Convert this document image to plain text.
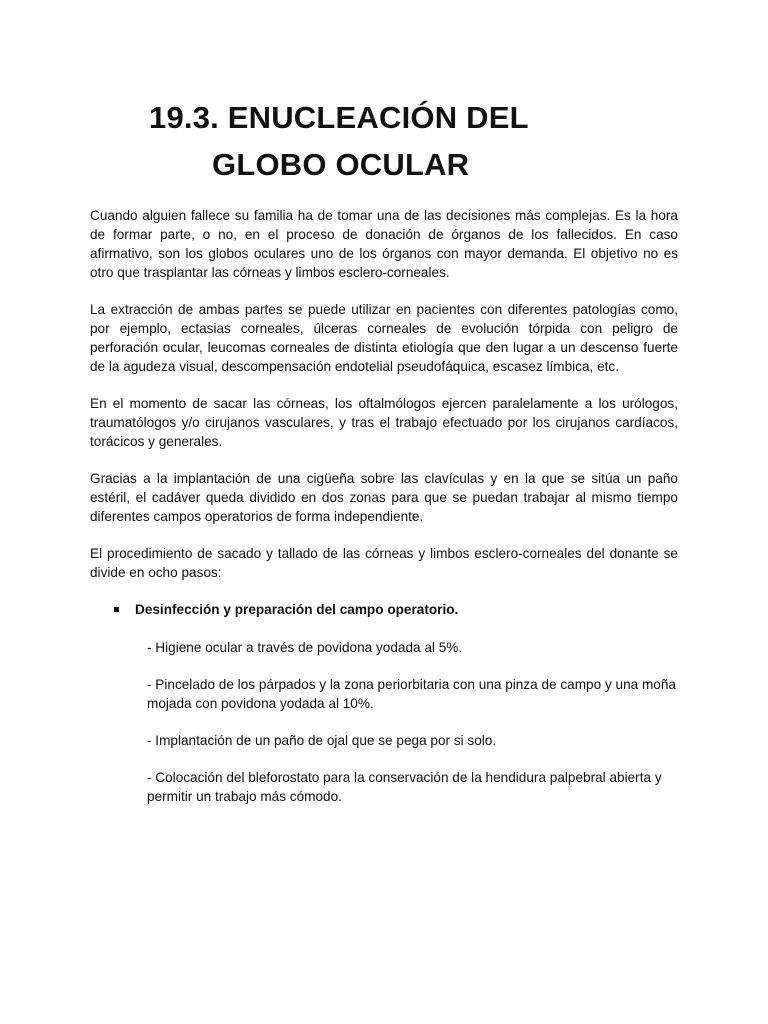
19.3. ENUCLEACIÓN DEL
GLOBO OCULAR

Cuando alguien fallece su familia ha de tomar una de las decisiones más complejas. Es la hora de formar parte, o no, en el proceso de donación de órganos de los fallecidos. En caso afirmativo, son los globos oculares uno de los órganos con mayor demanda. El objetivo no es otro que trasplantar las córneas y limbos esclero-corneales.

La extracción de ambas partes se puede utilizar en pacientes con diferentes patologías como, por ejemplo, ectasias corneales, úlceras corneales de evolución tórpida con peligro de perforación ocular, leucomas corneales de distinta etiología que den lugar a un descenso fuerte de la agudeza visual, descompensación endotelial pseudofáquica, escasez límbica, etc.

En el momento de sacar las córneas, los oftalmólogos ejercen paralelamente a los urólogos, traumatólogos y/o cirujanos vasculares, y tras el trabajo efectuado por los cirujanos cardíacos, torácicos y generales.

Gracias a la implantación de una cigüeña sobre las clavículas y en la que se sitúa un paño estéril, el cadáver queda dividido en dos zonas para que se puedan trabajar al mismo tiempo diferentes campos operatorios de forma independiente.

El procedimiento de sacado y tallado de las córneas y limbos esclero-corneales del donante se divide en ocho pasos:

Desinfección y preparación del campo operatorio.
- Higiene ocular a través de povidona yodada al 5%.
- Pincelado de los párpados y la zona periorbitaria con una pinza de campo y una moña mojada con povidona yodada al 10%.
- Implantación de un paño de ojal que se pega por si solo.
- Colocación del bleforostato para la conservación de la hendidura palpebral abierta y permitir un trabajo más cómodo.
